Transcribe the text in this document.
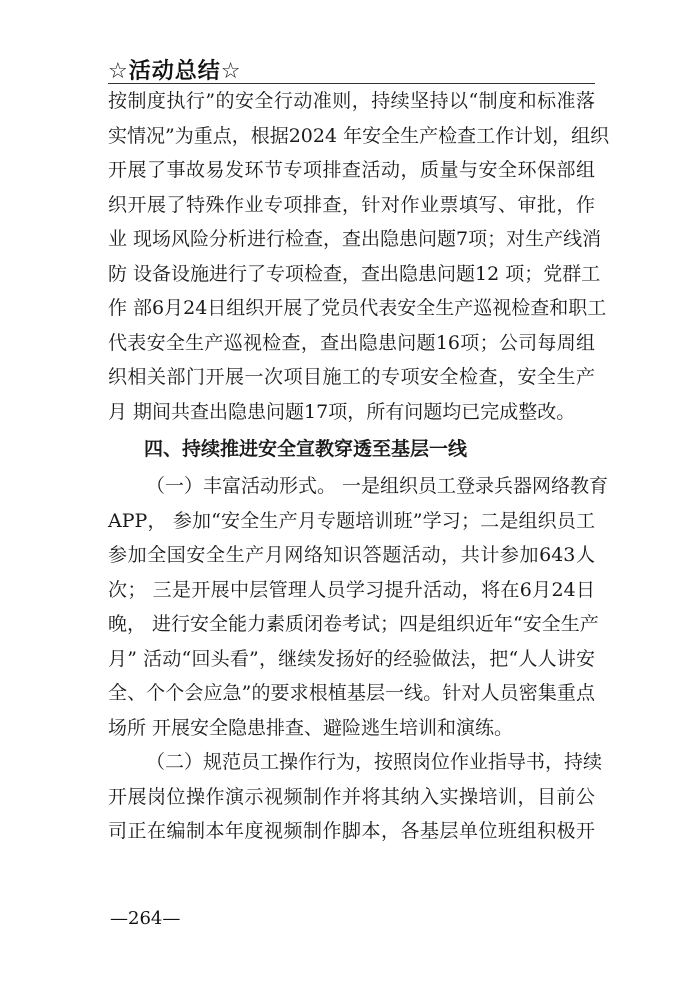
☆活动总结☆

按制度执行”的安全行动准则，持续坚持以“制度和标准落
实情况”为重点，根据2024 年安全生产检查工作计划，组织
开展了事故易发环节专项排查活动，质量与安全环保部组
织开展了特殊作业专项排查，针对作业票填写、审批，作
业 现场风险分析进行检查，查出隐患问题7项；对生产线消
防 设备设施进行了专项检查，查出隐患问题12 项；党群工
作 部6月24日组织开展了党员代表安全生产巡视检查和职工
代表安全生产巡视检查，查出隐患问题16项；公司每周组
织相关部门开展一次项目施工的专项安全检查，安全生产
月 期间共查出隐患问题17项，所有问题均已完成整改。

四、持续推进安全宣教穿透至基层一线

（一）丰富活动形式。 一是组织员工登录兵器网络教育
APP， 参加“安全生产月专题培训班”学习；二是组织员工
参加全国安全生产月网络知识答题活动，共计参加643人
次； 三是开展中层管理人员学习提升活动，将在6月24日
晚， 进行安全能力素质闭卷考试；四是组织近年“安全生产
月” 活动“回头看”，继续发扬好的经验做法，把“人人讲安
全、个个会应急”的要求根植基层一线。针对人员密集重点
场所 开展安全隐患排查、避险逃生培训和演练。

（二）规范员工操作行为，按照岗位作业指导书，持续
开展岗位操作演示视频制作并将其纳入实操培训，目前公
司正在编制本年度视频制作脚本，各基层单位班组积极开

—264—
